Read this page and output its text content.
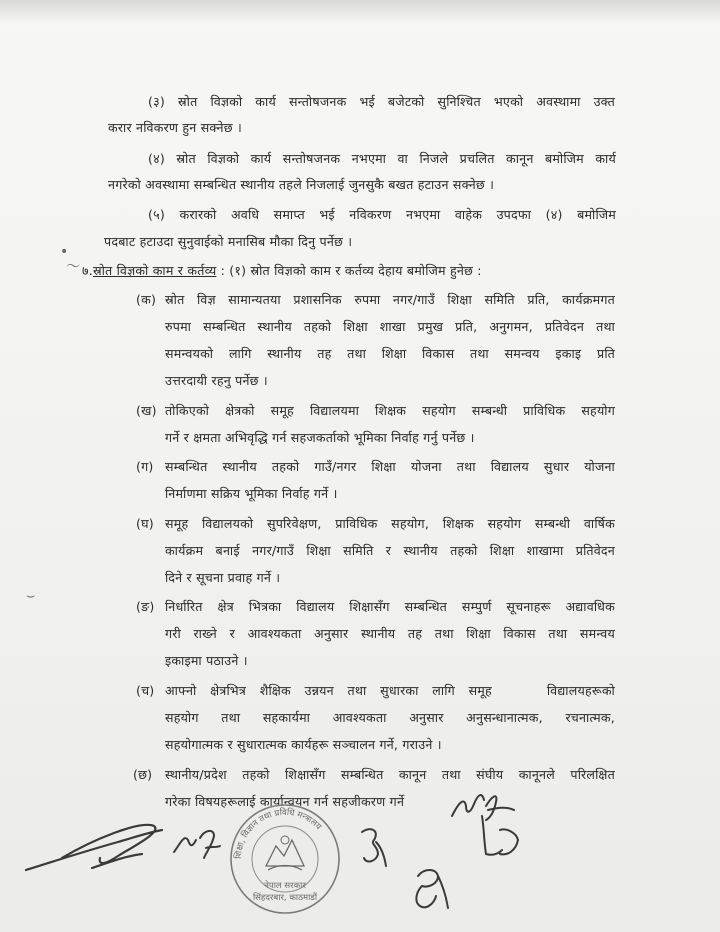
(३) स्रोत विज्ञको कार्य सन्तोषजनक भई बजेटको सुनिश्चित भएको अवस्थामा उक्त
करार नविकरण हुन सक्नेछ ।
(४) स्रोत विज्ञको कार्य सन्तोषजनक नभएमा वा निजले प्रचलित कानून बमोजिम कार्य
नगरेको अवस्थामा सम्बन्धित स्थानीय तहले निजलाई जुनसुकै बखत हटाउन सक्नेछ ।
(५) करारको अवधि समाप्त भई नविकरण नभएमा वाहेक उपदफा (४) बमोजिम
पदबाट हटाउदा सुनुवाईको मनासिब मौका दिनु पर्नेछ ।
७.स्रोत विज्ञको काम र कर्तव्य : (१) स्रोत विज्ञको काम र कर्तव्य देहाय बमोजिम हुनेछ :
(क) स्रोत विज्ञ सामान्यतया प्रशासनिक रुपमा नगर/गाउँ शिक्षा समिति प्रति, कार्यक्रमगत
रुपमा सम्बन्धित स्थानीय तहको शिक्षा शाखा प्रमुख प्रति, अनुगमन, प्रतिवेदन तथा
समन्वयको लागि स्थानीय तह तथा शिक्षा विकास तथा समन्वय इकाइ प्रति
उत्तरदायी रहनु पर्नेछ ।
(ख) तोकिएको क्षेत्रको समूह विद्यालयमा शिक्षक सहयोग सम्बन्धी प्राविधिक सहयोग
गर्ने र क्षमता अभिवृद्धि गर्न सहजकर्ताको भूमिका निर्वाह गर्नु पर्नेछ ।
(ग) सम्बन्धित स्थानीय तहको गाउँ/नगर शिक्षा योजना तथा विद्यालय सुधार योजना
निर्माणमा सक्रिय भूमिका निर्वाह गर्ने ।
(घ) समूह विद्यालयको सुपरिवेक्षण, प्राविधिक सहयोग, शिक्षक सहयोग सम्बन्धी वार्षिक
कार्यक्रम बनाई नगर/गाउँ शिक्षा समिति र स्थानीय तहको शिक्षा शाखामा प्रतिवेदन
दिने र सूचना प्रवाह गर्ने ।
(ङ) निर्धारित क्षेत्र भित्रका विद्यालय शिक्षासँग सम्बन्धित सम्पुर्ण सूचनाहरू अद्यावधिक
गरी राख्ने र आवश्यकता अनुसार स्थानीय तह तथा शिक्षा विकास तथा समन्वय
इकाइमा पठाउने ।
(च) आफ्नो क्षेत्रभित्र शैक्षिक उन्नयन तथा सुधारका लागि समूह    विद्यालयहरूको
सहयोग तथा सहकार्यमा आवश्यकता अनुसार अनुसन्धानात्मक, रचनात्मक,
सहयोगात्मक र सुधारात्मक कार्यहरू सञ्चालन गर्ने, गराउने ।
(छ) स्थानीय/प्रदेश तहको शिक्षासँग सम्बन्धित कानून तथा संघीय कानूनले परिलक्षित
गरेका विषयहरूलाई कार्यान्वयन गर्न सहजीकरण गर्ने
•
〜
⌣
शिक्षा, विज्ञान तथा प्रविधि मन्त्रालय
नेपाल सरकार
सिंहदरबार, काठमाडौं
